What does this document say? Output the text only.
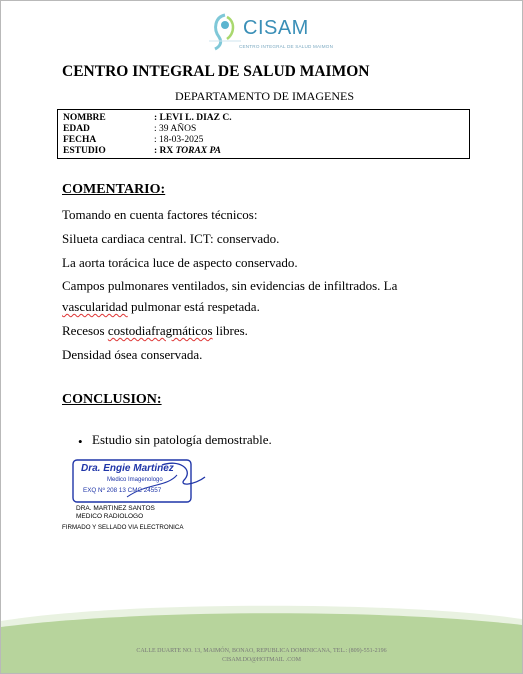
CISAM
CENTRO INTEGRAL DE SALUD MAIMON
CENTRO INTEGRAL DE SALUD MAIMON
DEPARTAMENTO DE IMAGENES
NOMBRE	: LEVI L. DIAZ C.
EDAD	: 39 AÑOS
FECHA	: 18-03-2025
ESTUDIO	: RX TORAX PA
COMENTARIO:
Tomando en cuenta factores técnicos:
Silueta cardiaca central. ICT: conservado.
La aorta torácica luce de aspecto conservado.
Campos pulmonares ventilados, sin evidencias de infiltrados. La
vascularidad pulmonar está respetada.
Recesos costodiafragmáticos libres.
Densidad ósea conservada.
CONCLUSION:
• Estudio sin patología demostrable.
Dra. Engie Martinez
Medico Imagenologo
EXQ Nº 208 13 CMC 24557
DRA. MARTINEZ SANTOS
MEDICO RADIOLOGO
FIRMADO Y SELLADO VIA ELECTRONICA
CALLE DUARTE NO. 13, MAIMÓN, BONAO, REPUBLICA DOMINICANA, TEL.: (809)-551-2196
CISAM.DO@HOTMAIL .COM
